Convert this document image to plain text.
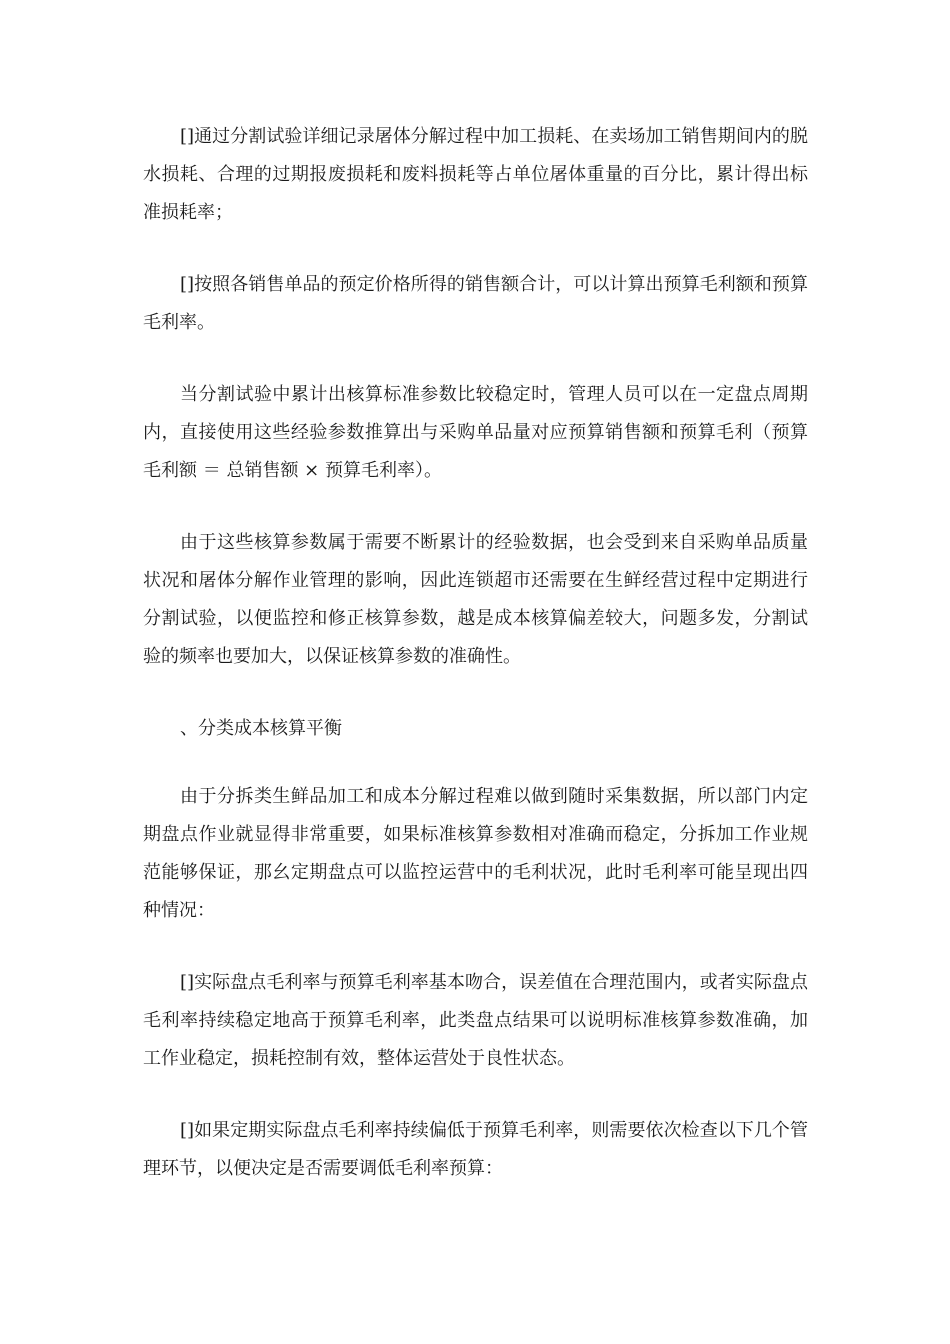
[]通过分割试验详细记录屠体分解过程中加工损耗、在卖场加工销售期间内的脱水损耗、合理的过期报废损耗和废料损耗等占单位屠体重量的百分比，累计得出标准损耗率；

[]按照各销售单品的预定价格所得的销售额合计，可以计算出预算毛利额和预算毛利率。

当分割试验中累计出核算标准参数比较稳定时，管理人员可以在一定盘点周期内，直接使用这些经验参数推算出与采购单品量对应预算销售额和预算毛利（预算毛利额 ＝ 总销售额 × 预算毛利率）。

由于这些核算参数属于需要不断累计的经验数据，也会受到来自采购单品质量状况和屠体分解作业管理的影响，因此连锁超市还需要在生鲜经营过程中定期进行分割试验，以便监控和修正核算参数，越是成本核算偏差较大，问题多发，分割试验的频率也要加大，以保证核算参数的准确性。

、分类成本核算平衡

由于分拆类生鲜品加工和成本分解过程难以做到随时采集数据，所以部门内定期盘点作业就显得非常重要，如果标准核算参数相对准确而稳定，分拆加工作业规范能够保证，那幺定期盘点可以监控运营中的毛利状况，此时毛利率可能呈现出四种情况：

[]实际盘点毛利率与预算毛利率基本吻合，误差值在合理范围内，或者实际盘点毛利率持续稳定地高于预算毛利率，此类盘点结果可以说明标准核算参数准确，加工作业稳定，损耗控制有效，整体运营处于良性状态。

[]如果定期实际盘点毛利率持续偏低于预算毛利率，则需要依次检查以下几个管理环节，以便决定是否需要调低毛利率预算：
